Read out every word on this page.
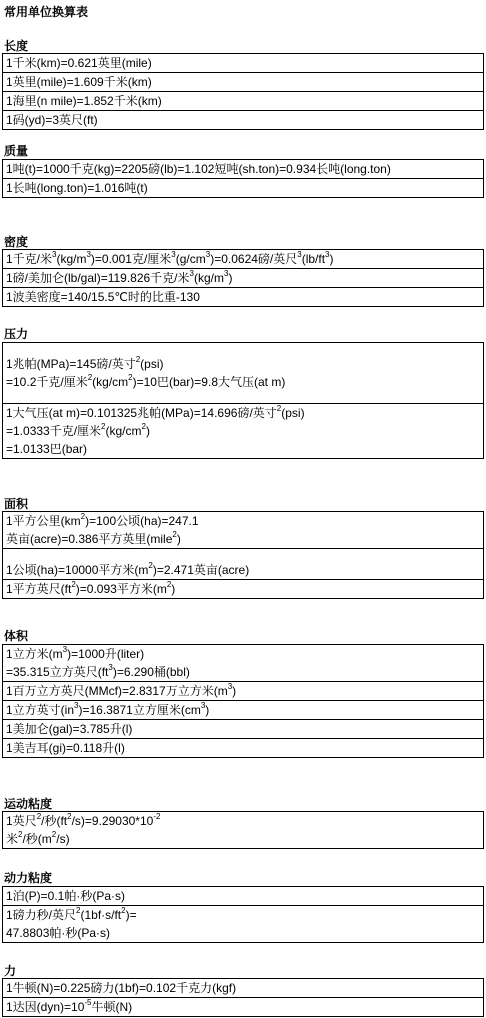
常用单位换算表
长度
1千米(km)=0.621英里(mile)
1英里(mile)=1.609千米(km)
1海里(n mile)=1.852千米(km)
1码(yd)=3英尺(ft)
质量
1吨(t)=1000千克(kg)=2205磅(lb)=1.102短吨(sh.ton)=0.934长吨(long.ton)
1长吨(long.ton)=1.016吨(t)
密度
1千克/米$^3(kg/m^3)=0.001$克/厘米$^3(g/cm^3)=0.0624$磅/英尺$^3(lb/ft^3)$
1磅/美加仑(lb/gal)=119.826千克/米$^3(kg/m^3)$
1波美密度=140/15.5℃时的比重-130
压力
1兆帕(MPa)=145磅/英寸$^2$(psi)
=10.2千克/厘米$^2(kg/cm^2)=10$巴(bar)=9.8大气压(at m)
1大气压(at m)=0.101325兆帕(MPa)=14.696磅/英寸$^2$(psi)
=1.0333千克/厘米$^2(kg/cm^2)$
=1.0133巴(bar)
面积
1平方公里$(km^2)=100$公顷(ha)=247.1
英亩(acre)=0.386平方英里(mile$^2$)
1公顷(ha)=10000平方米$(m^2)=2.471$英亩(acre)
1平方英尺$(ft^2)=0.093$平方米$(m^2)$
体积
1立方米$(m^3)=1000$升(liter)
=35.315立方英尺$(ft^3)=6.290$桶(bbl)
1百万立方英尺(MMcf)=2.8317万立方米$(m^3)$
1立方英寸$(in^3)=16.3871$立方厘米$(cm^3)$
1美加仑(gal)=3.785升(l)
1美吉耳(gi)=0.118升(l)
运动粘度
1英尺$^2$/秒$(ft^2/s)=9.29030*10^{-2}$
米$^2$/秒$(m^2/s)$
动力粘度
1泊(P)=0.1帕·秒(Pa·s)
1磅力秒/英尺$^2(1bf\cdot s/ft^2)=$
47.8803帕·秒(Pa·s)
力
1牛顿(N)=0.225磅力(1bf)=0.102千克力(kgf)
1达因$(dyn)=10^{-5}$牛顿(N)
